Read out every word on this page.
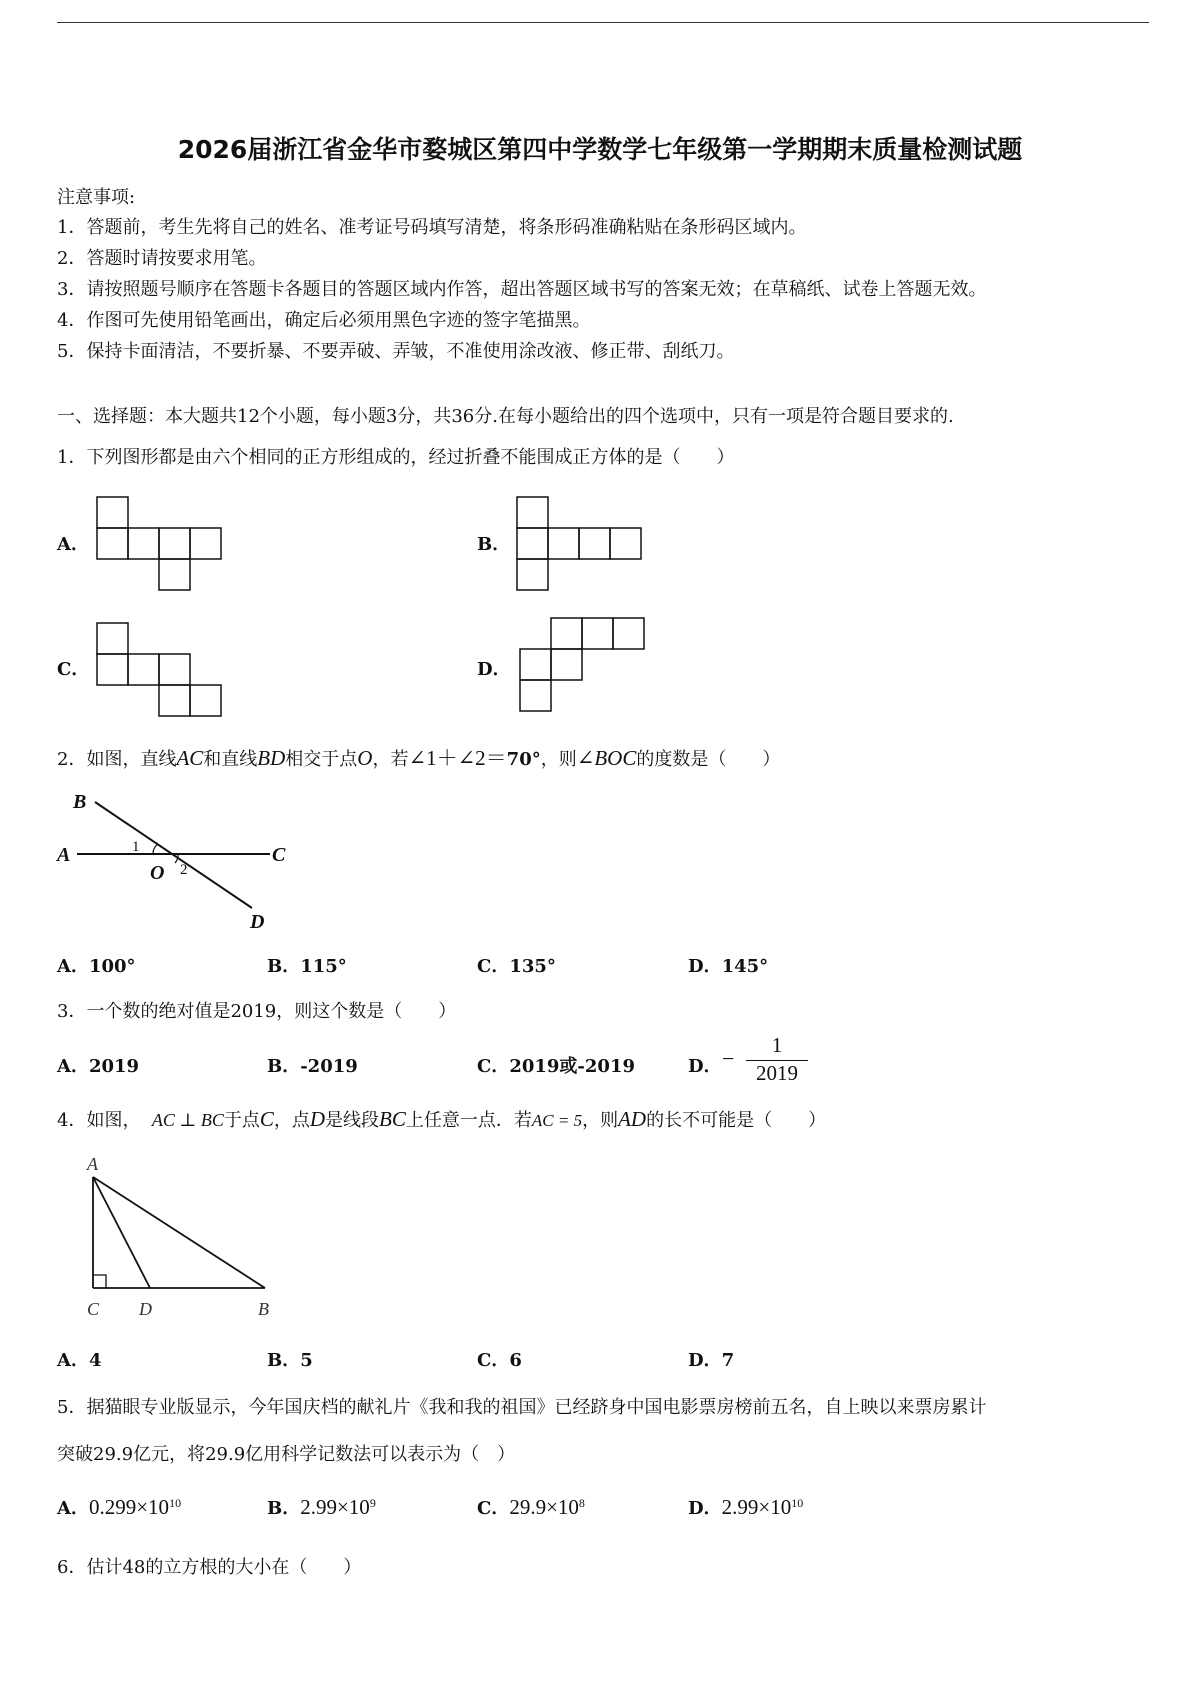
2026届浙江省金华市婺城区第四中学数学七年级第一学期期末质量检测试题
注意事项:
1．答题前，考生先将自己的姓名、准考证号码填写清楚，将条形码准确粘贴在条形码区域内。
2．答题时请按要求用笔。
3．请按照题号顺序在答题卡各题目的答题区域内作答，超出答题区域书写的答案无效；在草稿纸、试卷上答题无效。
4．作图可先使用铅笔画出，确定后必须用黑色字迹的签字笔描黑。
5．保持卡面清洁，不要折暴、不要弄破、弄皱，不准使用涂改液、修正带、刮纸刀。
一、选择题：本大题共12个小题，每小题3分，共36分.在每小题给出的四个选项中，只有一项是符合题目要求的.
1．下列图形都是由六个相同的正方形组成的，经过折叠不能围成正方体的是（　　）
A．	B．
C．	D．
2．如图，直线AC和直线BD相交于点O，若∠1＋∠2＝70°，则∠BOC的度数是（　　）
B
A	C
D
O
1
2
A．100°	B．115°	C．135°	D．145°
3．一个数的绝对值是2019，则这个数是（　　）
A．2019	B．-2019	C．2019或-2019	D． −
1
2019
4．如图， AC ⊥ BC于点C，点D是线段BC上任意一点．若AC = 5，则AD的长不可能是（　　）
A
C D	B
A．4	B．5	C．6	D．7
5．据猫眼专业版显示，今年国庆档的献礼片《我和我的祖国》已经跻身中国电影票房榜前五名，自上映以来票房累计
突破29.9亿元，将29.9亿用科学记数法可以表示为（　）
A．$0.299\times 10^{10}$	B．$2.99\times 10^9$	C．$29.9\times 10^8$	D．$2.99\times 10^{10}$
6．估计48的立方根的大小在（　　）
